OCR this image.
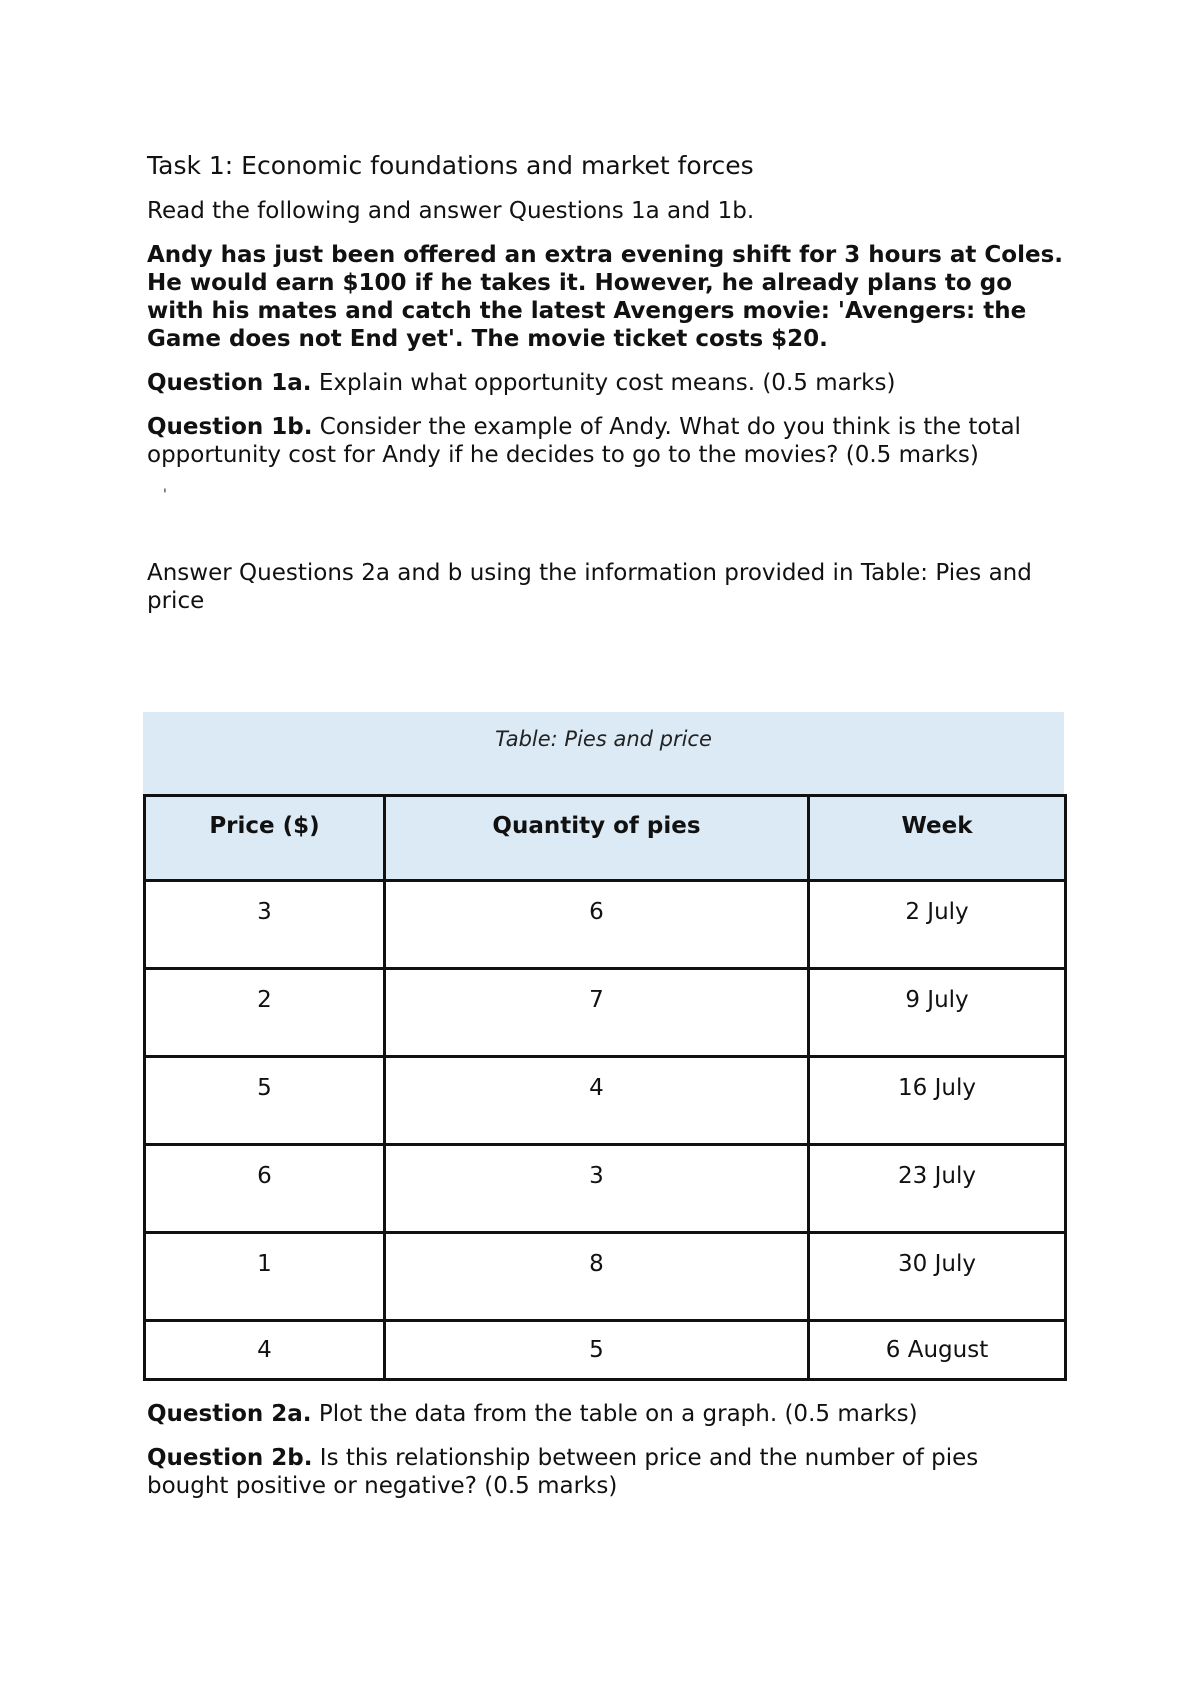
Task 1: Economic foundations and market forces

Read the following and answer Questions 1a and 1b.

Andy has just been offered an extra evening shift for 3 hours at Coles. He would earn $100 if he takes it. However, he already plans to go with his mates and catch the latest Avengers movie: 'Avengers: the Game does not End yet'. The movie ticket costs $20.

Question 1a. Explain what opportunity cost means. (0.5 marks)

Question 1b. Consider the example of Andy. What do you think is the total opportunity cost for Andy if he decides to go to the movies? (0.5 marks)

'

Answer Questions 2a and b using the information provided in Table: Pies and price

Table: Pies and price
Price ($)	Quantity of pies	Week
3	6	2 July
2	7	9 July
5	4	16 July
6	3	23 July
1	8	30 July
4	5	6 August

Question 2a. Plot the data from the table on a graph. (0.5 marks)

Question 2b. Is this relationship between price and the number of pies bought positive or negative? (0.5 marks)
